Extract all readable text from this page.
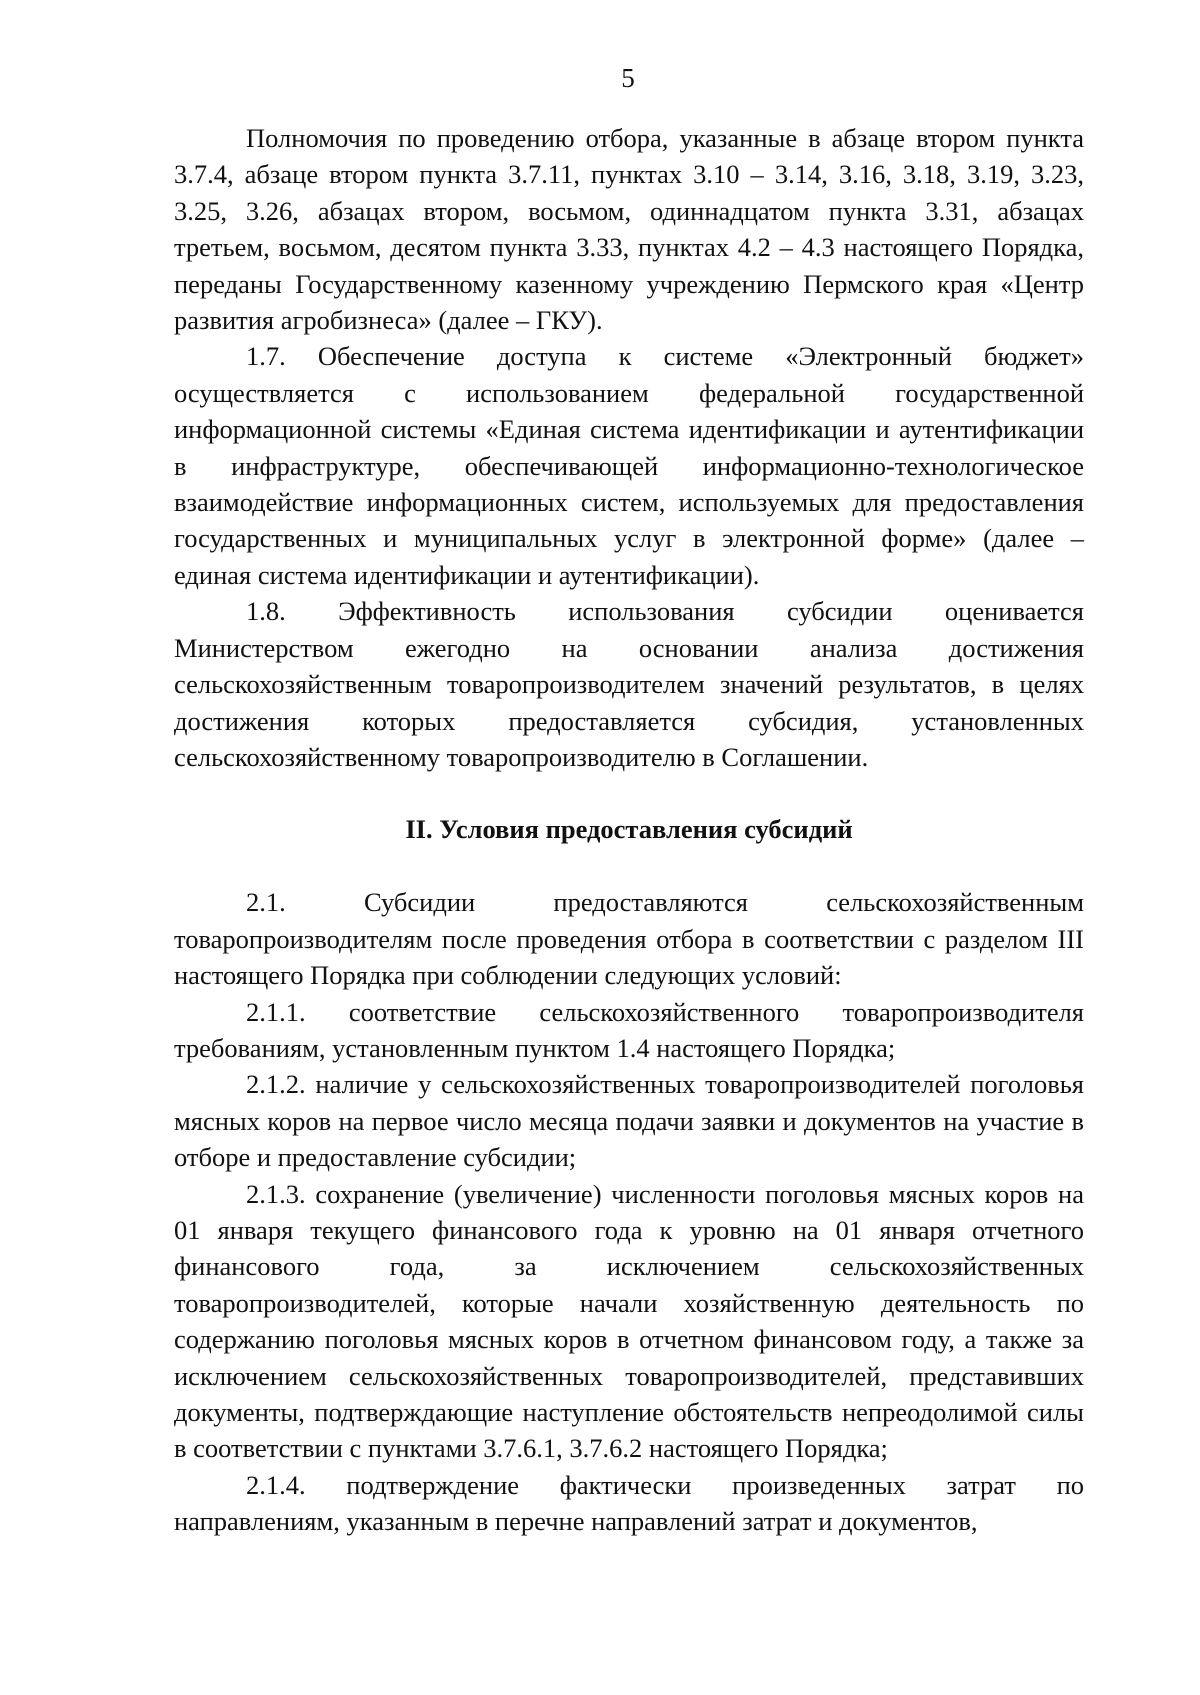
5

Полномочия по проведению отбора, указанные в абзаце втором пункта 3.7.4, абзаце втором пункта 3.7.11, пунктах 3.10 – 3.14, 3.16, 3.18, 3.19, 3.23, 3.25, 3.26, абзацах втором, восьмом, одиннадцатом пункта 3.31, абзацах третьем, восьмом, десятом пункта 3.33, пунктах 4.2 – 4.3 настоящего Порядка, переданы Государственному казенному учреждению Пермского края «Центр развития агробизнеса» (далее – ГКУ).

1.7. Обеспечение доступа к системе «Электронный бюджет» осуществляется с использованием федеральной государственной информационной системы «Единая система идентификации и аутентификации в инфраструктуре, обеспечивающей информационно-технологическое взаимодействие информационных систем, используемых для предоставления государственных и муниципальных услуг в электронной форме» (далее – единая система идентификации и аутентификации).

1.8. Эффективность использования субсидии оценивается Министерством ежегодно на основании анализа достижения сельскохозяйственным товаропроизводителем значений результатов, в целях достижения которых предоставляется субсидия, установленных сельскохозяйственному товаропроизводителю в Соглашении.

II. Условия предоставления субсидий

2.1. Субсидии предоставляются сельскохозяйственным товаропроизводителям после проведения отбора в соответствии с разделом III настоящего Порядка при соблюдении следующих условий:

2.1.1. соответствие сельскохозяйственного товаропроизводителя требованиям, установленным пунктом 1.4 настоящего Порядка;

2.1.2. наличие у сельскохозяйственных товаропроизводителей поголовья мясных коров на первое число месяца подачи заявки и документов на участие в отборе и предоставление субсидии;

2.1.3. сохранение (увеличение) численности поголовья мясных коров на 01 января текущего финансового года к уровню на 01 января отчетного финансового года, за исключением сельскохозяйственных товаропроизводителей, которые начали хозяйственную деятельность по содержанию поголовья мясных коров в отчетном финансовом году, а также за исключением сельскохозяйственных товаропроизводителей, представивших документы, подтверждающие наступление обстоятельств непреодолимой силы в соответствии с пунктами 3.7.6.1, 3.7.6.2 настоящего Порядка;

2.1.4. подтверждение фактически произведенных затрат по направлениям, указанным в перечне направлений затрат и документов,
